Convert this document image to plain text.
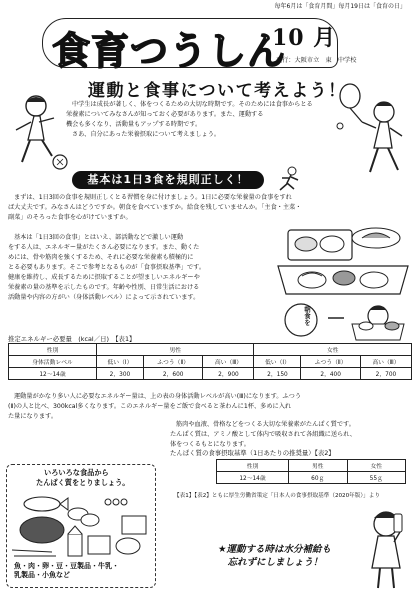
毎年6月は「食育月間」毎月19日は「食育の日」
食育つうしん
10 月
発行：大阪市立　東　中学校
運動と食事について考えよう！
中学生は成長が著しく、体をつくるための大切な時期です。そのためには食事からとる
栄養素についてみなさんが知っておく必要があります。また、運動する
機会も多くなり、活動量もアップする時期です。
さあ、自分にあった栄養摂取について考えましょう。
基本は1日3食を規則正しく！
まずは、1日3回の食事を規則正しくとる習慣を身に付けましょう。1日に必要な栄養量の食事をすれ
ば大丈夫です。みなさんはどうですか。朝食を食べていますか。給食を残していませんか。「主食・主菜・
副菜」のそろった食事を心がけていますか。
基本は「1日3回の食事」とはいえ、部活動などで激しい運動
をする人は、エネルギー量がたくさん必要になります。また、動くた
めには、骨や筋肉を強くするため、それに必要な栄養素も積極的に
とる必要もあります。そこで参考となるものが「食事摂取基準」です。
健康を維持し、成長するために摂取することが望ましいエネルギーや
栄養素の量の基準を示したものです。年齢や性別、日常生活における
活動量や内容の方がい（身体活動レベル）によって示されています。
朝食を
推定エネルギー必要量　(kcal／日)　【表1】
性別	男性			女性		
身体活動レベル	低い（Ⅰ）	ふつう（Ⅱ）	高い（Ⅲ）	低い（Ⅰ）	ふつう（Ⅱ）	高い（Ⅲ）
12～14歳	2，300	2，600	2，900	2，150	2，400	2，700
運動量がかなり多い人に必要なエネルギー量は、上の表の身体活動レベルが高い(Ⅲ)になります。ふつう
(Ⅱ)の人と比べ、300kcal多くなります。このエネルギー量をご飯で食べると茶わんに1杯、多めに入れ
た量になります。
いろいろな食品から
たんぱく質をとりましょう。
魚・肉・卵・豆・豆製品・牛乳・
乳製品・小魚など
筋肉や血液、骨格などをつくる大切な栄養素がたんぱく質です。
たんぱく質は、アミノ酸として体内で吸収されて各組織に送られ、
体をつくるもとになります。
たんぱく質の食事摂取基準（1日あたりの推奨量）【表2】
性別	男性	女性
12～14歳	60ｇ	55ｇ
【表1】【表2】ともに厚生労働省策定「日本人の食事摂取基準（2020年版）」より
★運動する時は水分補給も
　忘れずにしましょう！
